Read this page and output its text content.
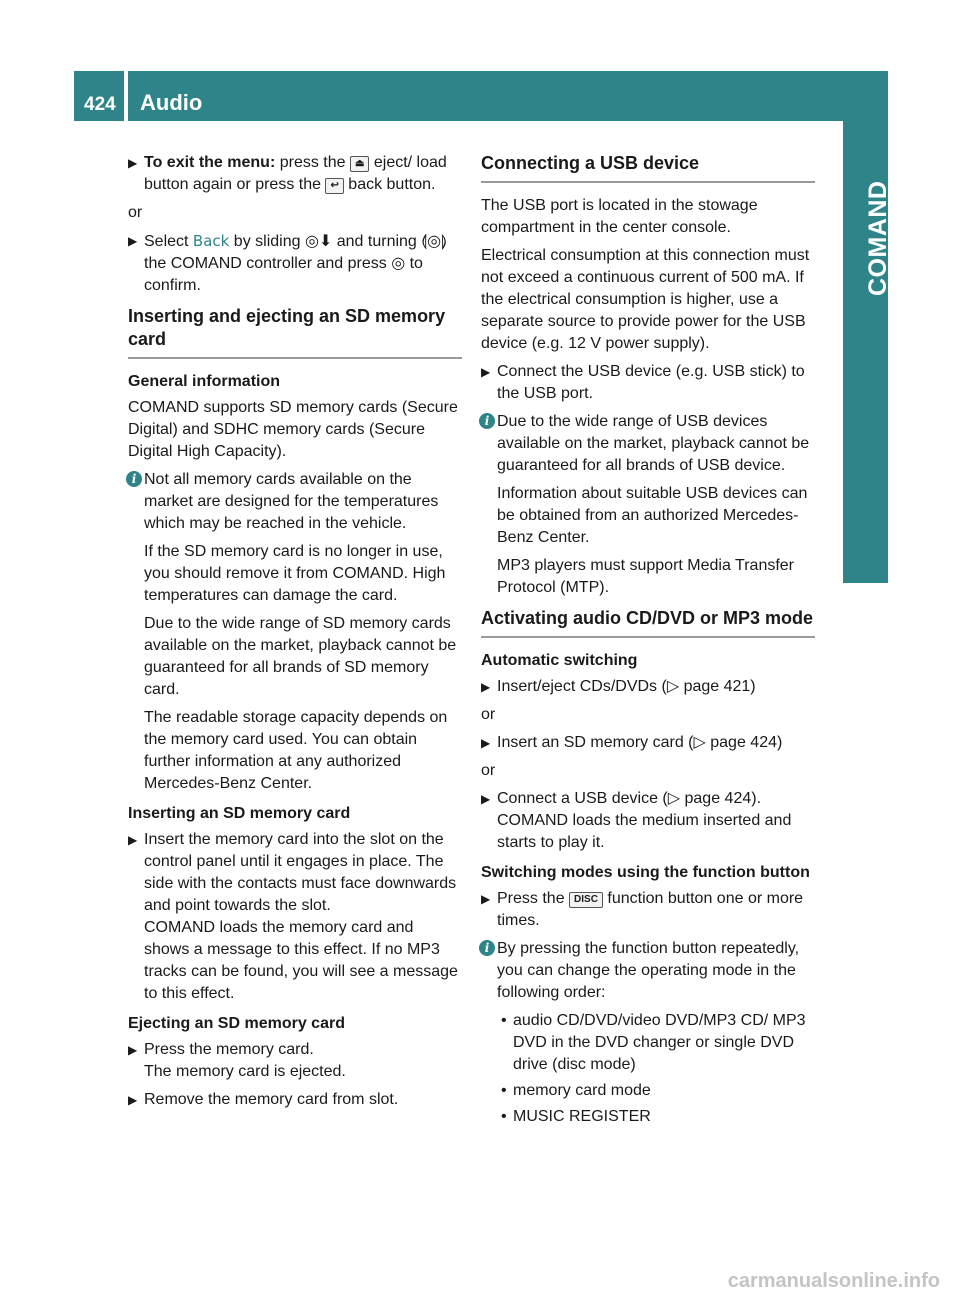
424 Audio
COMAND
▶ To exit the menu: press the ⏏ eject/ load button again or press the ↩ back button.

or

▶ Select Back by sliding ◎⬇ and turning ⟬◎⟭ the COMAND controller and press ◎ to confirm.
Inserting and ejecting an SD memory card
General information

COMAND supports SD memory cards (Secure Digital) and SDHC memory cards (Secure Digital High Capacity).

i Not all memory cards available on the market are designed for the temperatures which may be reached in the vehicle.

If the SD memory card is no longer in use, you should remove it from COMAND. High temperatures can damage the card.

Due to the wide range of SD memory cards available on the market, playback cannot be guaranteed for all brands of SD memory card.

The readable storage capacity depends on the memory card used. You can obtain further information at any authorized Mercedes-Benz Center.

Inserting an SD memory card
▶ Insert the memory card into the slot on the control panel until it engages in place. The side with the contacts must face downwards and point towards the slot.
COMAND loads the memory card and shows a message to this effect. If no MP3 tracks can be found, you will see a message to this effect.
Ejecting an SD memory card
▶ Press the memory card.
The memory card is ejected.
▶ Remove the memory card from slot.
Connecting a USB device

The USB port is located in the stowage compartment in the center console.

Electrical consumption at this connection must not exceed a continuous current of 500 mA. If the electrical consumption is higher, use a separate source to provide power for the USB device (e.g. 12 V power supply).

▶ Connect the USB device (e.g. USB stick) to the USB port.
i Due to the wide range of USB devices available on the market, playback cannot be guaranteed for all brands of USB device.

Information about suitable USB devices can be obtained from an authorized Mercedes-Benz Center.

MP3 players must support Media Transfer Protocol (MTP).

Activating audio CD/DVD or MP3 mode
Automatic switching
▶ Insert/eject CDs/DVDs (▷ page 421)

or

▶ Insert an SD memory card (▷ page 424)

or

▶ Connect a USB device (▷ page 424).
COMAND loads the medium inserted and starts to play it.
Switching modes using the function button
▶ Press the DISC function button one or more times.
i By pressing the function button repeatedly, you can change the operating mode in the following order:

• audio CD/DVD/video DVD/MP3 CD/ MP3 DVD in the DVD changer or single DVD drive (disc mode)
• memory card mode
• MUSIC REGISTER
carmanualsonline.info
